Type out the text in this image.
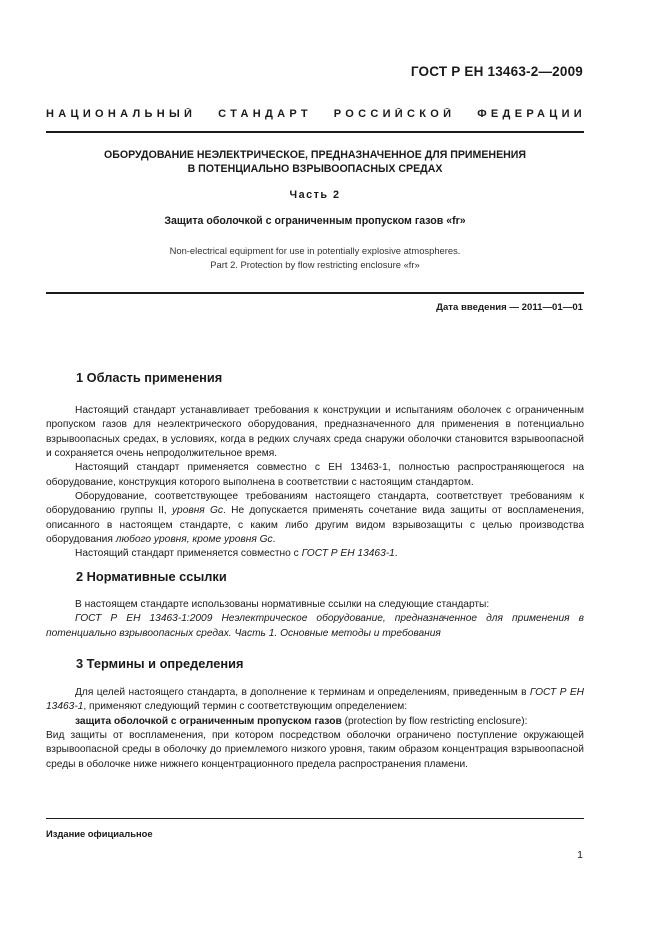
ГОСТ Р ЕН 13463-2—2009
НАЦИОНАЛЬНЫЙ СТАНДАРТ РОССИЙСКОЙ ФЕДЕРАЦИИ
ОБОРУДОВАНИЕ НЕЭЛЕКТРИЧЕСКОЕ, ПРЕДНАЗНАЧЕННОЕ ДЛЯ ПРИМЕНЕНИЯ
В ПОТЕНЦИАЛЬНО ВЗРЫВООПАСНЫХ СРЕДАХ
Часть 2
Защита оболочкой с ограниченным пропуском газов «fr»
Non-electrical equipment for use in potentially explosive atmospheres.
Part 2. Protection by flow restricting enclosure «fr»
Дата введения — 2011—01—01
1 Область применения

Настоящий стандарт устанавливает требования к конструкции и испытаниям оболочек с ограниченным пропуском газов для неэлектрического оборудования, предназначенного для применения в потенциально взрывоопасных средах, в условиях, когда в редких случаях среда снаружи оболочки становится взрывоопасной и сохраняется очень непродолжительное время.

Настоящий стандарт применяется совместно с ЕН 13463-1, полностью распространяющегося на оборудование, конструкция которого выполнена в соответствии с настоящим стандартом.

Оборудование, соответствующее требованиям настоящего стандарта, соответствует требованиям к оборудованию группы II, уровня Gc. Не допускается применять сочетание вида защиты от воспламенения, описанного в настоящем стандарте, с каким либо другим видом взрывозащиты с целью производства оборудования любого уровня, кроме уровня Gc.

Настоящий стандарт применяется совместно с ГОСТ Р ЕН 13463-1.

2 Нормативные ссылки

В настоящем стандарте использованы нормативные ссылки на следующие стандарты:

ГОСТ Р ЕН 13463-1:2009 Неэлектрическое оборудование, предназначенное для применения в потенциально взрывоопасных средах. Часть 1. Основные методы и требования

3 Термины и определения

Для целей настоящего стандарта, в дополнение к терминам и определениям, приведенным в ГОСТ Р ЕН 13463-1, применяют следующий термин с соответствующим определением:

защита оболочкой с ограниченным пропуском газов (protection by flow restricting enclosure):

Вид защиты от воспламенения, при котором посредством оболочки ограничено поступление окружающей взрывоопасной среды в оболочку до приемлемого низкого уровня, таким образом концентрация взрывоопасной среды в оболочке ниже нижнего концентрационного предела распространения пламени.

Издание официальное
1
